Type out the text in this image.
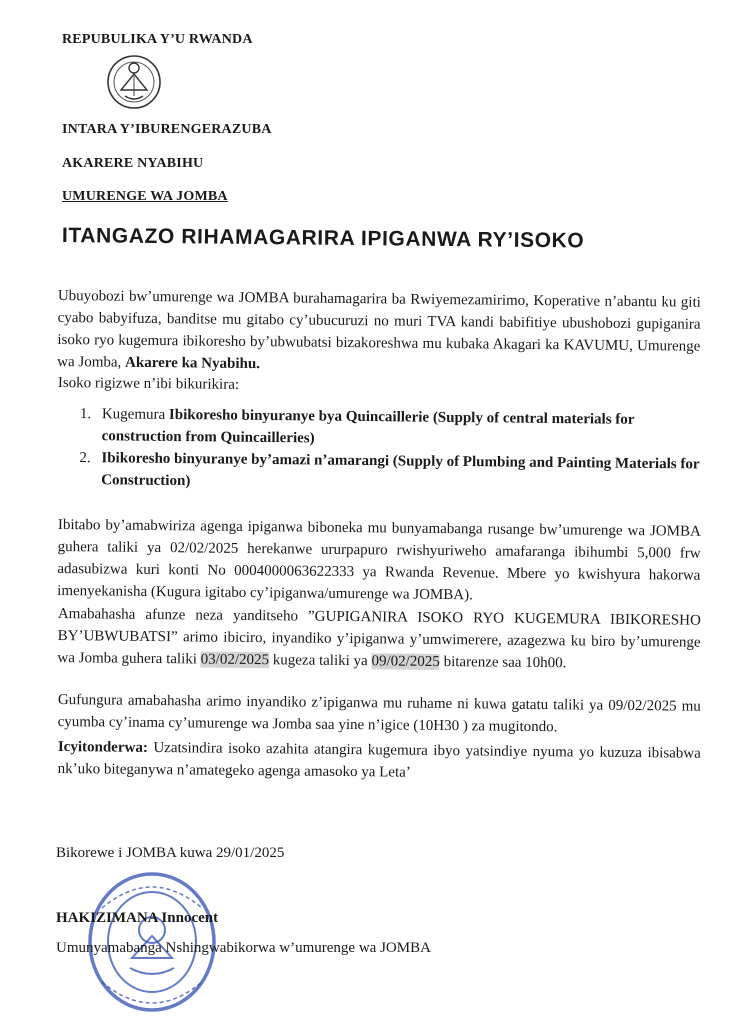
REPUBULIKA Y’U RWANDA
INTARA Y’IBURENGERAZUBA
AKARERE NYABIHU
UMURENGE WA JOMBA
ITANGAZO RIHAMAGARIRA IPIGANWA RY’ISOKO
Ubuyobozi bw’umurenge wa JOMBA burahamagarira ba Rwiyemezamirimo, Koperative n’abantu ku giti cyabo babyifuza, banditse mu gitabo cy’ubucuruzi no muri TVA kandi babifitiye ubushobozi gupiganira isoko ryo kugemura ibikoresho by’ubwubatsi bizakoreshwa mu kubaka Akagari ka KAVUMU, Umurenge wa Jomba, Akarere ka Nyabihu.
Isoko rigizwe n’ibi bikurikira:
1. Kugemura Ibikoresho binyuranye bya Quincaillerie (Supply of central materials for construction from Quincailleries)
2. Ibikoresho binyuranye by’amazi n’amarangi (Supply of Plumbing and Painting Materials for Construction)
Ibitabo by’amabwiriza agenga ipiganwa biboneka mu bunyamabanga rusange bw’umurenge wa JOMBA guhera taliki ya 02/02/2025 herekanwe ururpapuro rwishyuriweho amafaranga ibihumbi 5,000 frw adasubizwa kuri konti No 0004000063622333 ya Rwanda Revenue. Mbere yo kwishyura hakorwa imenyekanisha (Kugura igitabo cy’ipiganwa/umurenge wa JOMBA).
Amabahasha afunze neza yanditseho ”GUPIGANIRA ISOKO RYO KUGEMURA IBIKORESHO BY’UBWUBATSI” arimo ibiciro, inyandiko y’ipiganwa y’umwimerere, azagezwa ku biro by’umurenge wa Jomba guhera taliki 03/02/2025 kugeza taliki ya 09/02/2025 bitarenze saa 10h00.
Gufungura amabahasha arimo inyandiko z’ipiganwa mu ruhame ni kuwa gatatu taliki ya 09/02/2025 mu cyumba cy’inama cy’umurenge wa Jomba saa yine n’igice (10H30 ) za mugitondo.
Icyitonderwa: Uzatsindira isoko azahita atangira kugemura ibyo yatsindiye nyuma yo kuzuza ibisabwa nk’uko biteganywa n’amategeko agenga amasoko ya Leta’
Bikorewe i JOMBA kuwa 29/01/2025
HAKIZIMANA Innocent
Umunyamabanga Nshingwabikorwa w’umurenge wa JOMBA
